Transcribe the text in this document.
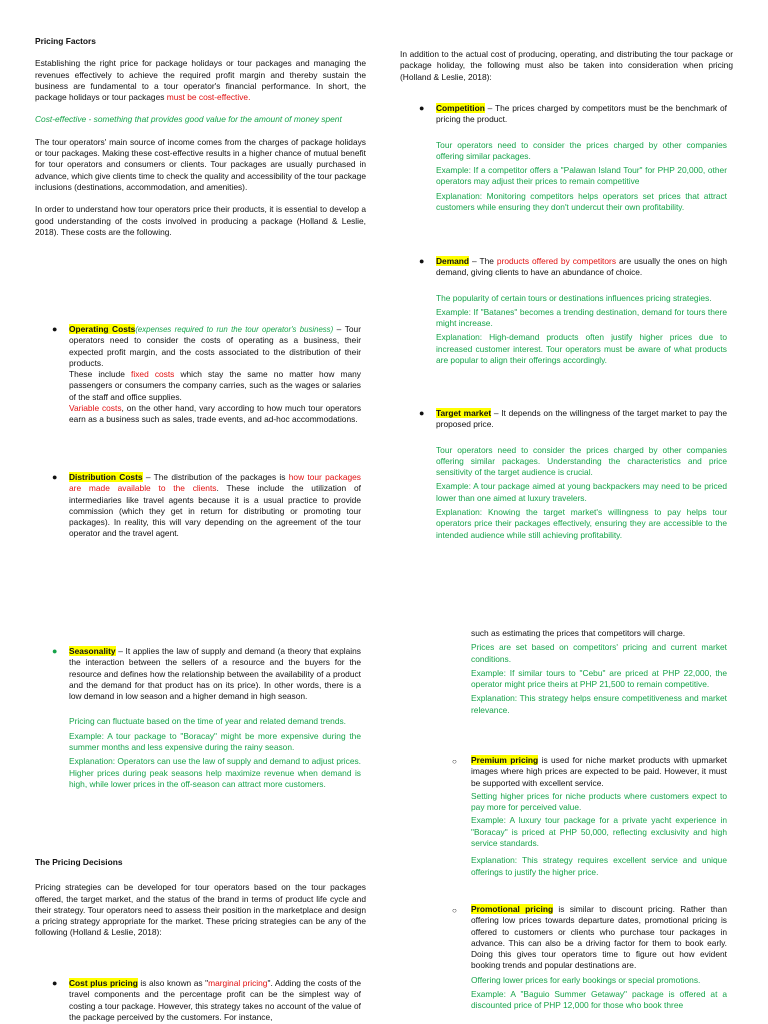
Pricing Factors

Establishing the right price for package holidays or tour packages and managing the revenues effectively to achieve the required profit margin and thereby sustain the business are fundamental to a tour operator's financial performance. In short, the package holidays or tour packages must be cost-effective.

Cost-effective - something that provides good value for the amount of money spent

The tour operators' main source of income comes from the charges of package holidays or tour packages. Making these cost-effective results in a higher chance of mutual benefit for tour operators and consumers or clients. Tour packages are usually purchased in advance, which give clients time to check the quality and accessibility of the tour package inclusions (destinations, accommodation, and amenities).

In order to understand how tour operators price their products, it is essential to develop a good understanding of the costs involved in producing a package (Holland & Leslie, 2018). These costs are the following.

● Operating Costs(expenses required to run the tour operator's business) – Tour operators need to consider the costs of operating as a business, their expected profit margin, and the costs associated to the distribution of their products.

These include fixed costs which stay the same no matter how many passengers or consumers the company carries, such as the wages or salaries of the staff and office supplies.

Variable costs, on the other hand, vary according to how much tour operators earn as a business such as sales, trade events, and ad-hoc accommodations.

● Distribution Costs – The distribution of the packages is how tour packages are made available to the clients. These include the utilization of intermediaries like travel agents because it is a usual practice to provide commission (which they get in return for distributing or promoting tour packages). In reality, this will vary depending on the agreement of the tour operator and the travel agent.

In addition to the actual cost of producing, operating, and distributing the tour package or package holiday, the following must also be taken into consideration when pricing (Holland & Leslie, 2018):

● Competition – The prices charged by competitors must be the benchmark of pricing the product.

Tour operators need to consider the prices charged by other companies offering similar packages.

Example: If a competitor offers a "Palawan Island Tour" for PHP 20,000, other operators may adjust their prices to remain competitive

Explanation: Monitoring competitors helps operators set prices that attract customers while ensuring they don't undercut their own profitability.

● Demand – The products offered by competitors are usually the ones on high demand, giving clients to have an abundance of choice.

The popularity of certain tours or destinations influences pricing strategies.

Example: If "Batanes" becomes a trending destination, demand for tours there might increase.

Explanation: High-demand products often justify higher prices due to increased customer interest. Tour operators must be aware of what products are popular to align their offerings accordingly.

● Target market – It depends on the willingness of the target market to pay the proposed price.

Tour operators need to consider the prices charged by other companies offering similar packages. Understanding the characteristics and price sensitivity of the target audience is crucial.

Example: A tour package aimed at young backpackers may need to be priced lower than one aimed at luxury travelers.

Explanation: Knowing the target market's willingness to pay helps tour operators price their packages effectively, ensuring they are accessible to the intended audience while still achieving profitability.

● Seasonality – It applies the law of supply and demand (a theory that explains the interaction between the sellers of a resource and the buyers for the resource and defines how the relationship between the availability of a product and the demand for that product has on its price). In other words, there is a low demand in low season and a higher demand in high season.

Pricing can fluctuate based on the time of year and related demand trends.

Example: A tour package to "Boracay" might be more expensive during the summer months and less expensive during the rainy season.

Explanation: Operators can use the law of supply and demand to adjust prices. Higher prices during peak seasons help maximize revenue when demand is high, while lower prices in the off-season can attract more customers.

The Pricing Decisions

Pricing strategies can be developed for tour operators based on the tour packages offered, the target market, and the status of the brand in terms of product life cycle and their strategy. Tour operators need to assess their position in the marketplace and design a pricing strategy appropriate for the market. These pricing strategies can be any of the following (Holland & Leslie, 2018):

● Cost plus pricing is also known as "marginal pricing". Adding the costs of the travel components and the percentage profit can be the simplest way of costing a tour package. However, this strategy takes no account of the value of the package perceived by the customers. For instance,

such as estimating the prices that competitors will charge.

Prices are set based on competitors' pricing and current market conditions.

Example: If similar tours to "Cebu" are priced at PHP 22,000, the operator might price theirs at PHP 21,500 to remain competitive.

Explanation: This strategy helps ensure competitiveness and market relevance.

○ Premium pricing is used for niche market products with upmarket images where high prices are expected to be paid. However, it must be supported with excellent service.

Setting higher prices for niche products where customers expect to pay more for perceived value.

Example: A luxury tour package for a private yacht experience in "Boracay" is priced at PHP 50,000, reflecting exclusivity and high service standards.

Explanation: This strategy requires excellent service and unique offerings to justify the higher price.

○ Promotional pricing is similar to discount pricing. Rather than offering low prices towards departure dates, promotional pricing is offered to customers or clients who purchase tour packages in advance. This can also be a driving factor for them to book early. Doing this gives tour operators time to figure out how evident booking trends and popular destinations are.

Offering lower prices for early bookings or special promotions.

Example: A "Baguio Summer Getaway" package is offered at a discounted price of PHP 12,000 for those who book three
